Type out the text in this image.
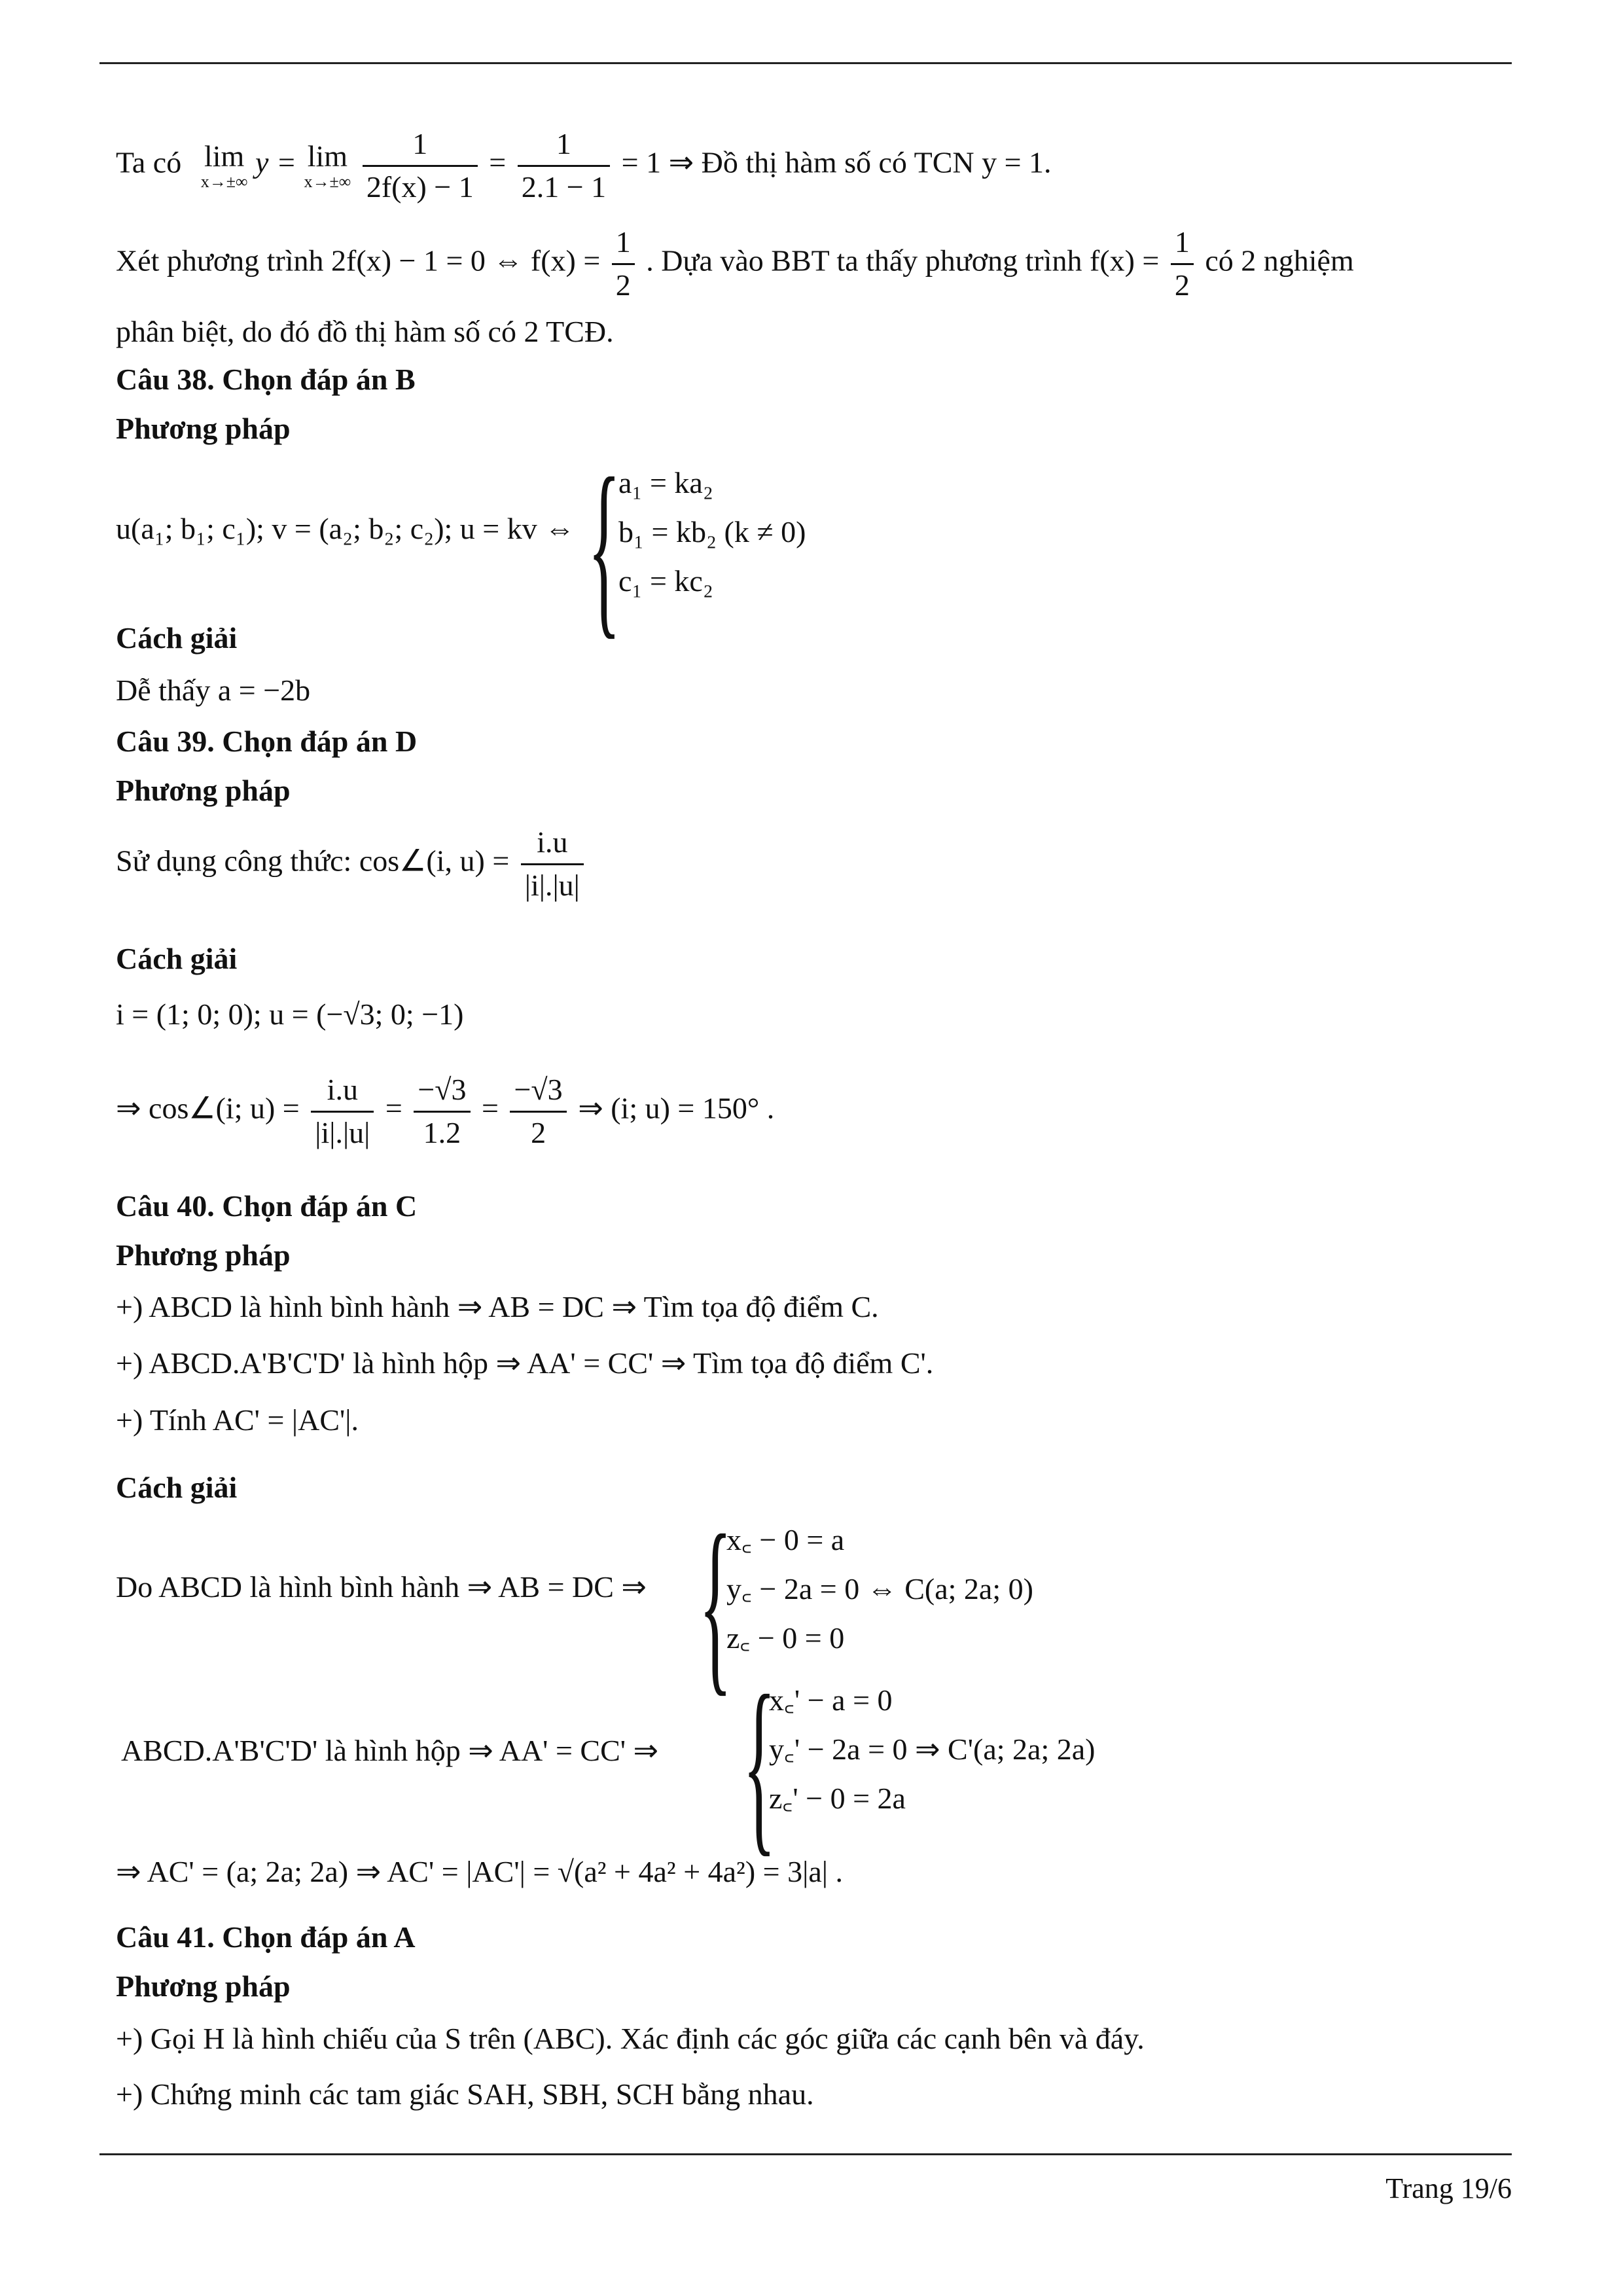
Ta có lim
x→±∞
y = lim
x→±∞
$\frac{1}{2f(x) - 1} = \frac{1}{2.1 - 1} = 1$ ⇒ Đồ thị hàm số có TCN y = 1.
Xét phương trình 2f(x) − 1 = 0 ⇔ $f(x) = \frac{1}{2}$ . Dựa vào BBT ta thấy phương trình $f(x) = \frac{1}{2}$ có 2 nghiệm
phân biệt, do đó đồ thị hàm số có 2 TCĐ.
Câu 38. Chọn đáp án B
Phương pháp
u(a₁; b₁; c₁); v = (a₂; b₂; c₂); u = kv ⇔ {
a₁ = ka₂
b₁ = kb₂ (k ≠ 0)
c₁ = kc₂
Cách giải
Dễ thấy a = −2b
Câu 39. Chọn đáp án D
Phương pháp
Sử dụng công thức: cos∠(i, $u) = \frac{i.u}{|i|.|u|}$
Cách giải
i = (1; 0; 0); u = (−√3; 0; −1)
⇒ cos∠(i; $u) = \frac{i.u}{|i|.|u|} = \frac{-√3}{1.2} = \frac{-√3}{2}$ ⇒ (i; u) = 150° .
Câu 40. Chọn đáp án C
Phương pháp
+) ABCD là hình bình hành ⇒ AB = DC ⇒ Tìm tọa độ điểm C.
+) ABCD.A'B'C'D' là hình hộp ⇒ AA' = CC' ⇒ Tìm tọa độ điểm C'.
+) Tính AC' = |AC'|.
Cách giải
Do ABCD là hình bình hành ⇒ AB = DC ⇒ {
x꜀ − 0 = a
y꜀ − 2a = 0 ⇔ C(a; 2a; 0)
z꜀ − 0 = 0
ABCD.A'B'C'D' là hình hộp ⇒ AA' = CC' ⇒ {
x꜀' − a = 0
y꜀' − 2a = 0 ⇒ C'(a; 2a; 2a)
z꜀' − 0 = 2a
⇒ AC' = (a; 2a; 2a) ⇒ AC' = |AC'| = √(a² + 4a² + 4a²) = 3|a| .
Câu 41. Chọn đáp án A
Phương pháp
+) Gọi H là hình chiếu của S trên (ABC). Xác định các góc giữa các cạnh bên và đáy.
+) Chứng minh các tam giác SAH, SBH, SCH bằng nhau.
Trang 19/6
